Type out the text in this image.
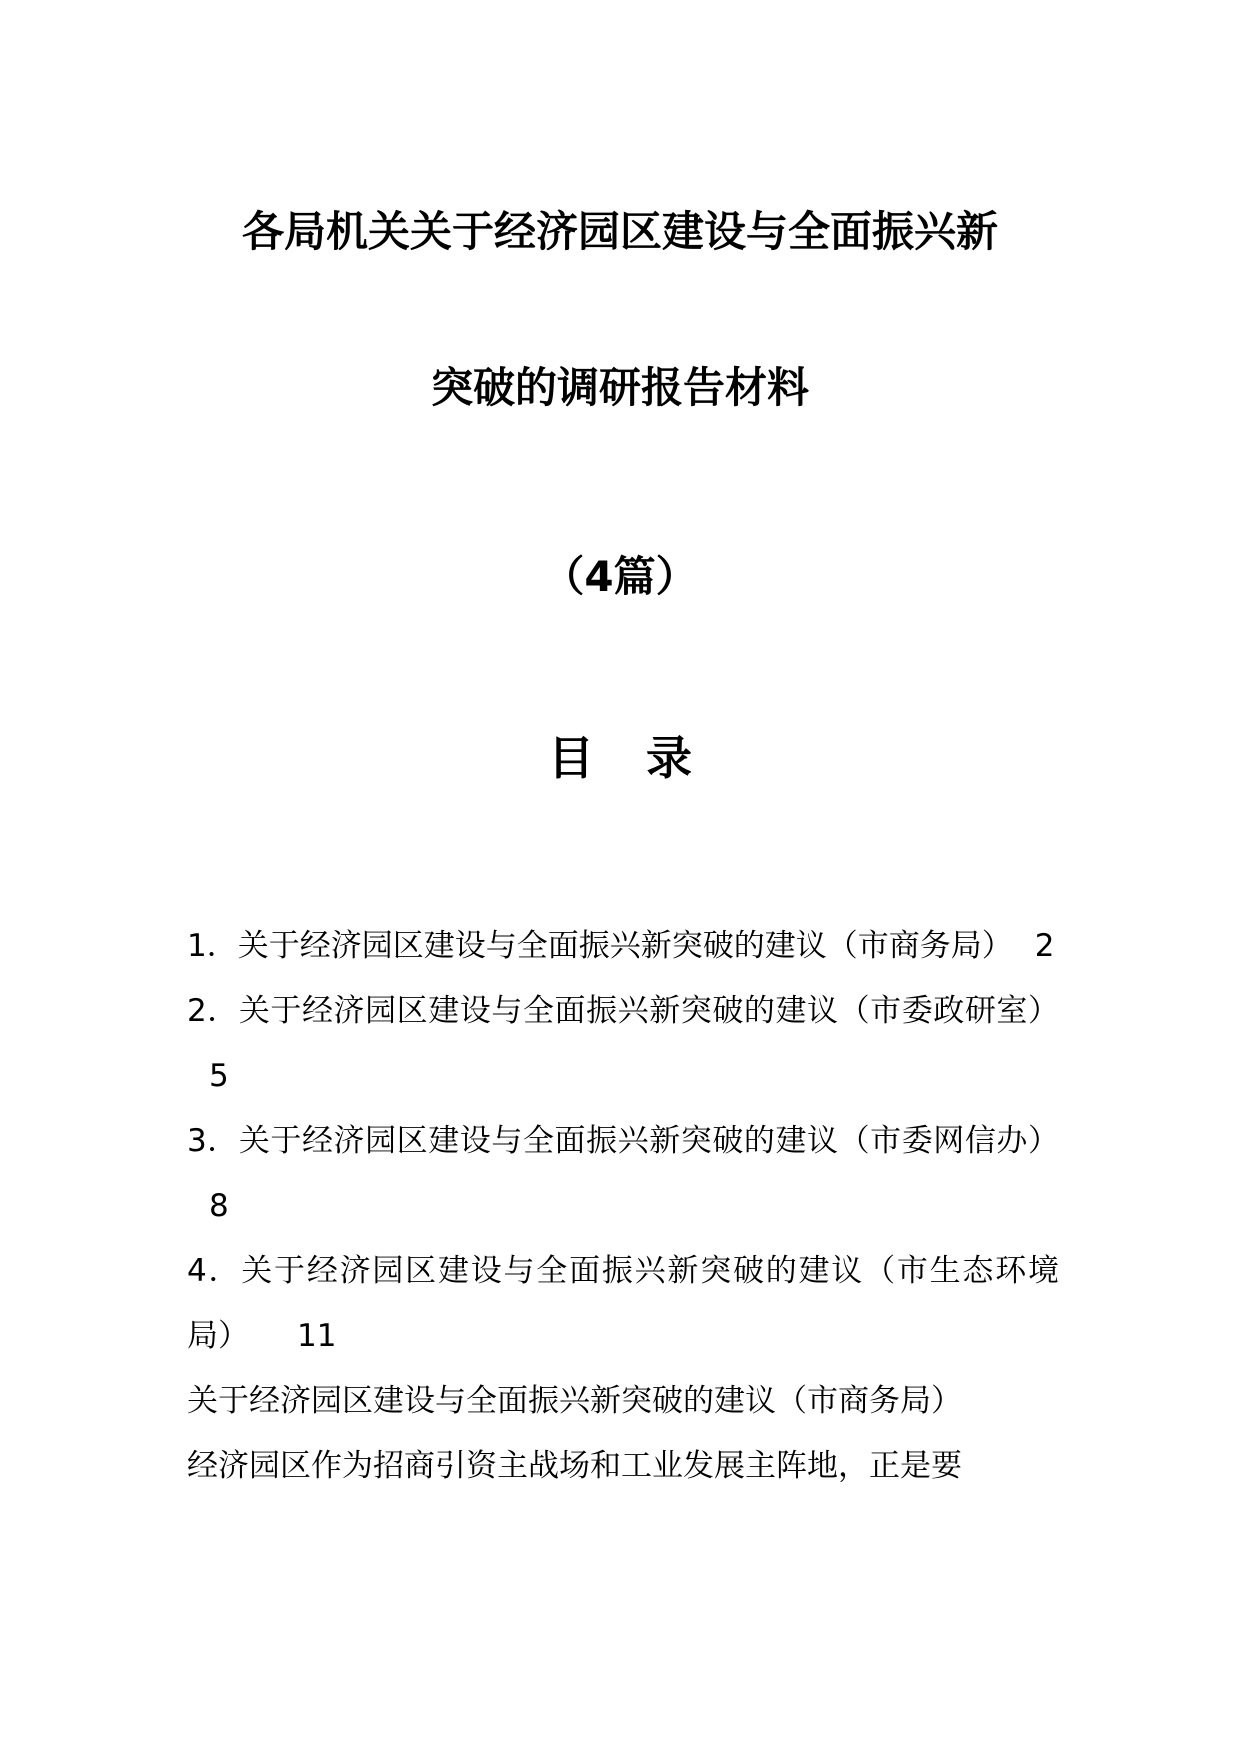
各局机关关于经济园区建设与全面振兴新
突破的调研报告材料
（4篇）
目 录

1．关于经济园区建设与全面振兴新突破的建议（市商务局） 2

2．关于经济园区建设与全面振兴新突破的建议（市委政研室）5

3．关于经济园区建设与全面振兴新突破的建议（市委网信办）8

4．关于经济园区建设与全面振兴新突破的建议（市生态环境局） 11

关于经济园区建设与全面振兴新突破的建议（市商务局）

经济园区作为招商引资主战场和工业发展主阵地，正是要
